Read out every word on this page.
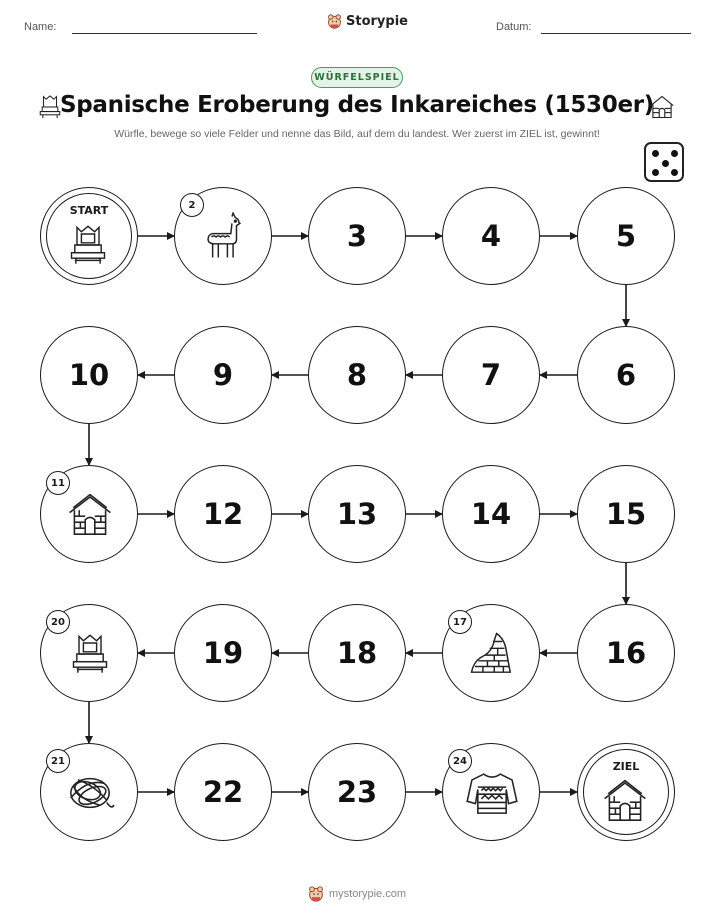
Name:	Storypie	Datum:
WÜRFELSPIEL
Spanische Eroberung des Inkareiches (1530er)
Würfle, bewege so viele Felder und nenne das Bild, auf dem du landest. Wer zuerst im ZIEL ist, gewinnt!
START	2
3	4	5
6
7
8
9
10
11
12	13	14	15
16
17
18
19
20
21
22	23
24	ZIEL
mystorypie.com
